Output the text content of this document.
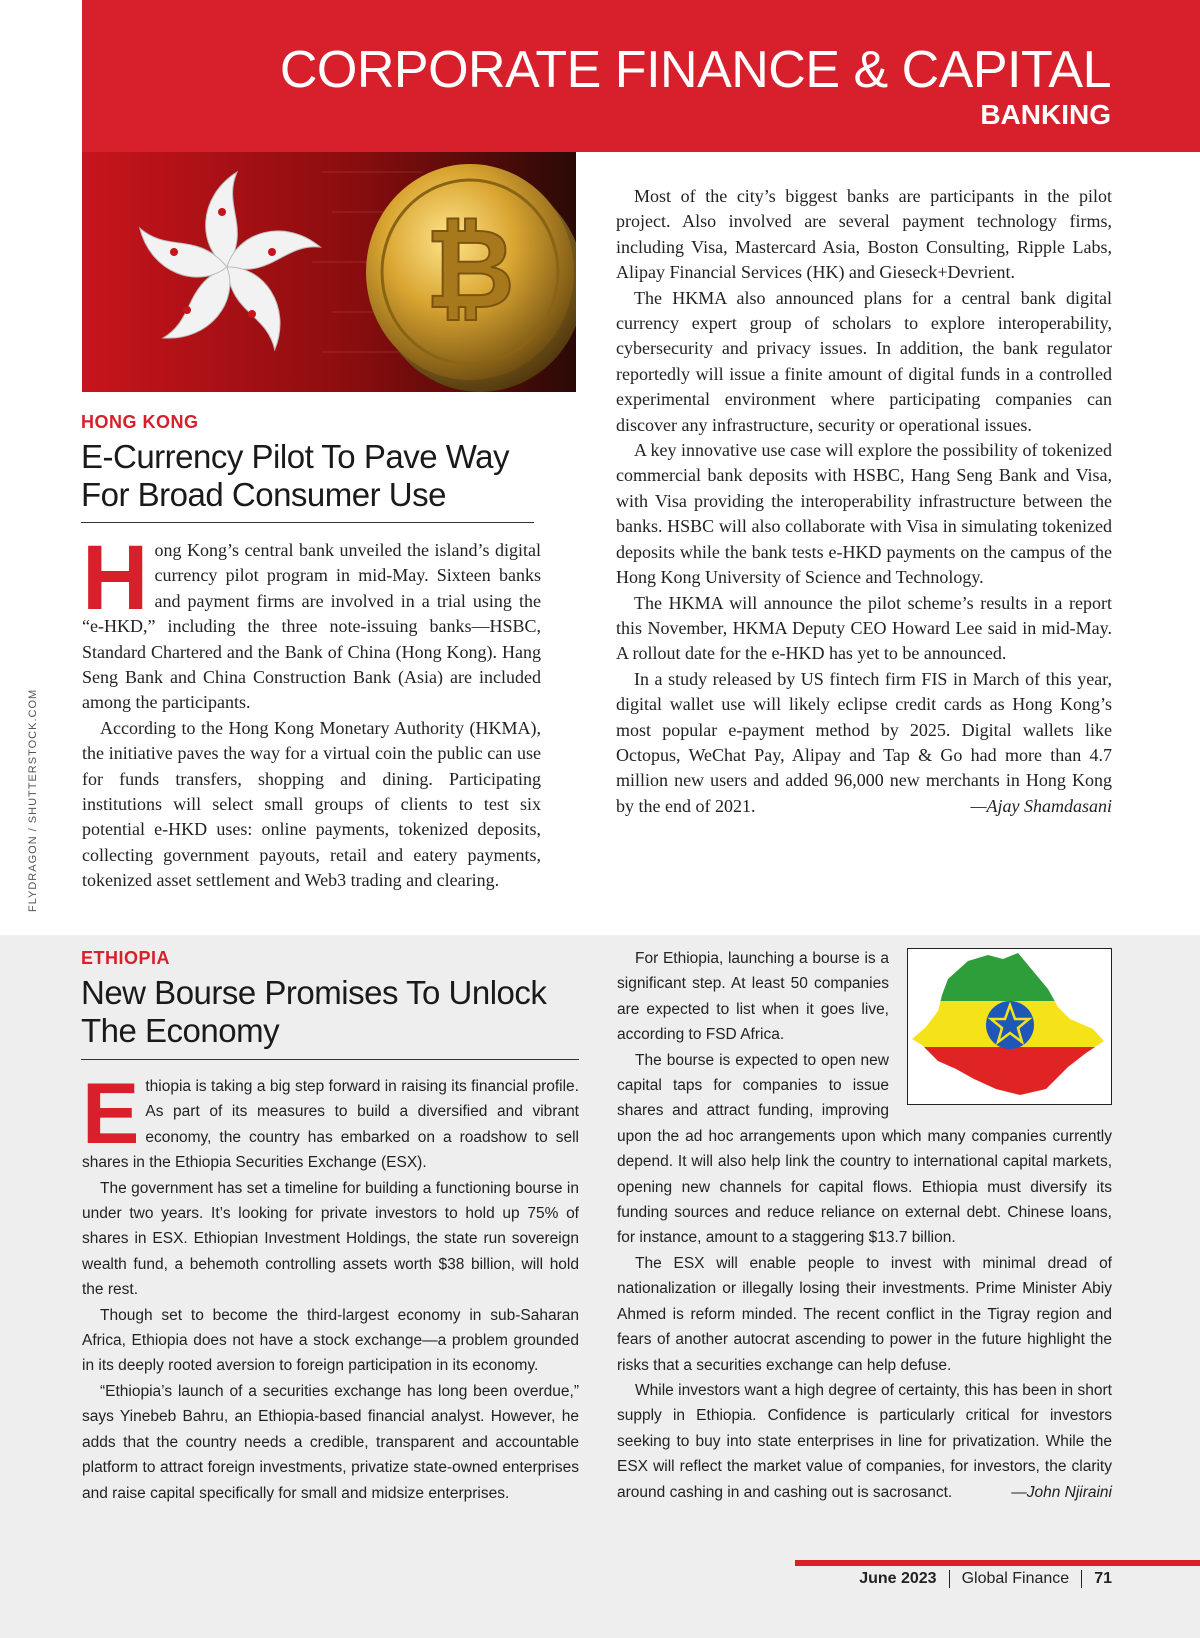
CORPORATE FINANCE & CAPITAL
BANKING
FLYDRAGON / SHUTTERSTOCK.COM
₿
HONG KONG
E-Currency Pilot To Pave Way For Broad Consumer Use

Hong Kong’s central bank unveiled the island’s digital currency pilot program in mid-May. Sixteen banks and payment firms are involved in a trial using the “e-HKD,” including the three note-issuing banks—HSBC, Standard Chartered and the Bank of China (Hong Kong). Hang Seng Bank and China Construction Bank (Asia) are included among the participants.

According to the Hong Kong Monetary Authority (HKMA), the initiative paves the way for a virtual coin the public can use for funds transfers, shopping and dining. Participating institutions will select small groups of clients to test six potential e-HKD uses: online payments, tokenized deposits, collecting government payouts, retail and eatery payments, tokenized asset settlement and Web3 trading and clearing.

Most of the city’s biggest banks are participants in the pilot project. Also involved are several payment technology firms, including Visa, Mastercard Asia, Boston Consulting, Ripple Labs, Alipay Financial Services (HK) and Gieseck+Devrient.

The HKMA also announced plans for a central bank digital currency expert group of scholars to explore interoperability, cybersecurity and privacy issues. In addition, the bank regulator reportedly will issue a finite amount of digital funds in a controlled experimental environment where participating companies can discover any infrastructure, security or operational issues.

A key innovative use case will explore the possibility of tokenized commercial bank deposits with HSBC, Hang Seng Bank and Visa, with Visa providing the interoperability infrastructure between the banks. HSBC will also collaborate with Visa in simulating tokenized deposits while the bank tests e-HKD payments on the campus of the Hong Kong University of Science and Technology.

The HKMA will announce the pilot scheme’s results in a report this November, HKMA Deputy CEO Howard Lee said in mid-May. A rollout date for the e-HKD has yet to be announced.

In a study released by US fintech firm FIS in March of this year, digital wallet use will likely eclipse credit cards as Hong Kong’s most popular e-payment method by 2025. Digital wallets like Octopus, WeChat Pay, Alipay and Tap & Go had more than 4.7 million new users and added 96,000 new merchants in Hong Kong by the end of 2021.	—Ajay Shamdasani

ETHIOPIA
New Bourse Promises To Unlock The Economy

Ethiopia is taking a big step forward in raising its financial profile. As part of its measures to build a diversified and vibrant economy, the country has embarked on a roadshow to sell shares in the Ethiopia Securities Exchange (ESX).

The government has set a timeline for building a functioning bourse in under two years. It’s looking for private investors to hold up 75% of shares in ESX. Ethiopian Investment Holdings, the state run sovereign wealth fund, a behemoth controlling assets worth $38 billion, will hold the rest.

Though set to become the third-largest economy in sub-Saharan Africa, Ethiopia does not have a stock exchange—a problem grounded in its deeply rooted aversion to foreign participation in its economy.

“Ethiopia’s launch of a securities exchange has long been overdue,” says Yinebeb Bahru, an Ethiopia-based financial analyst. However, he adds that the country needs a credible, transparent and accountable platform to attract foreign investments, privatize state-owned enterprises and raise capital specifically for small and midsize enterprises.

For Ethiopia, launching a bourse is a significant step. At least 50 companies are expected to list when it goes live, according to FSD Africa.

The bourse is expected to open new capital taps for companies to issue shares and attract funding, improving upon the ad hoc arrangements upon which many companies currently depend. It will also help link the country to international capital markets, opening new channels for capital flows. Ethiopia must diversify its funding sources and reduce reliance on external debt. Chinese loans, for instance, amount to a staggering $13.7 billion.

The ESX will enable people to invest with minimal dread of nationalization or illegally losing their investments. Prime Minister Abiy Ahmed is reform minded. The recent conflict in the Tigray region and fears of another autocrat ascending to power in the future highlight the risks that a securities exchange can help defuse.

While investors want a high degree of certainty, this has been in short supply in Ethiopia. Confidence is particularly critical for investors seeking to buy into state enterprises in line for privatization. While the ESX will reflect the market value of companies, for investors, the clarity around cashing in and cashing out is sacrosanct.	—John Njiraini

June 2023 Global Finance 71
